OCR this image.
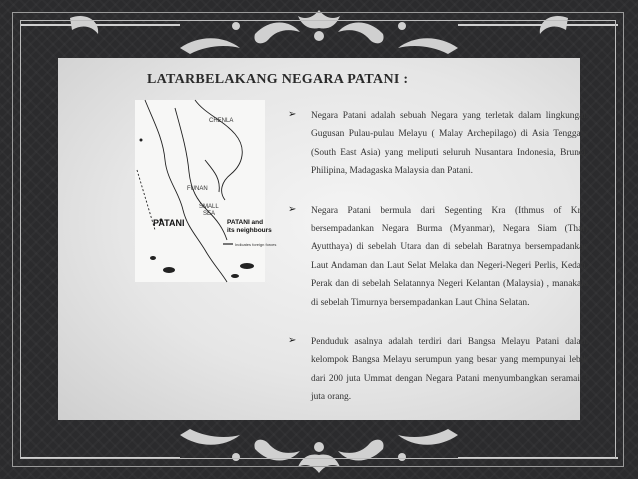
LATARBELAKANG NEGARA PATANI :
CHENLA
FUNAN
SMALL
SEA
PATANI	PATANI and
its neighbours
Indicates foreign forces
➢ Negara Patani adalah sebuah Negara yang terletak dalam lingkungan Gugusan Pulau-pulau Melayu ( Malay Archepilago) di Asia Tenggara (South East Asia) yang meliputi seluruh Nusantara Indonesia, Brunei, Philipina, Madagaska Malaysia dan Patani.
➢ Negara Patani bermula dari Segenting Kra (Ithmus of Kra) bersempadankan Negara Burma (Myanmar), Negara Siam (Thai) Ayutthaya) di sebelah Utara dan di sebelah Baratnya bersempadankan Laut Andaman dan Laut Selat Melaka dan Negeri-Negeri Perlis, Kedah, Perak dan di sebelah Selatannya Negeri Kelantan (Malaysia) , manakala di sebelah Timurnya bersempadankan Laut China Selatan.
➢ Penduduk asalnya adalah terdiri dari Bangsa Melayu Patani dalam kelompok Bangsa Melayu serumpun yang besar yang mempunyai lebih dari 200 juta Ummat dengan Negara Patani menyumbangkan seramai 3 juta orang.
